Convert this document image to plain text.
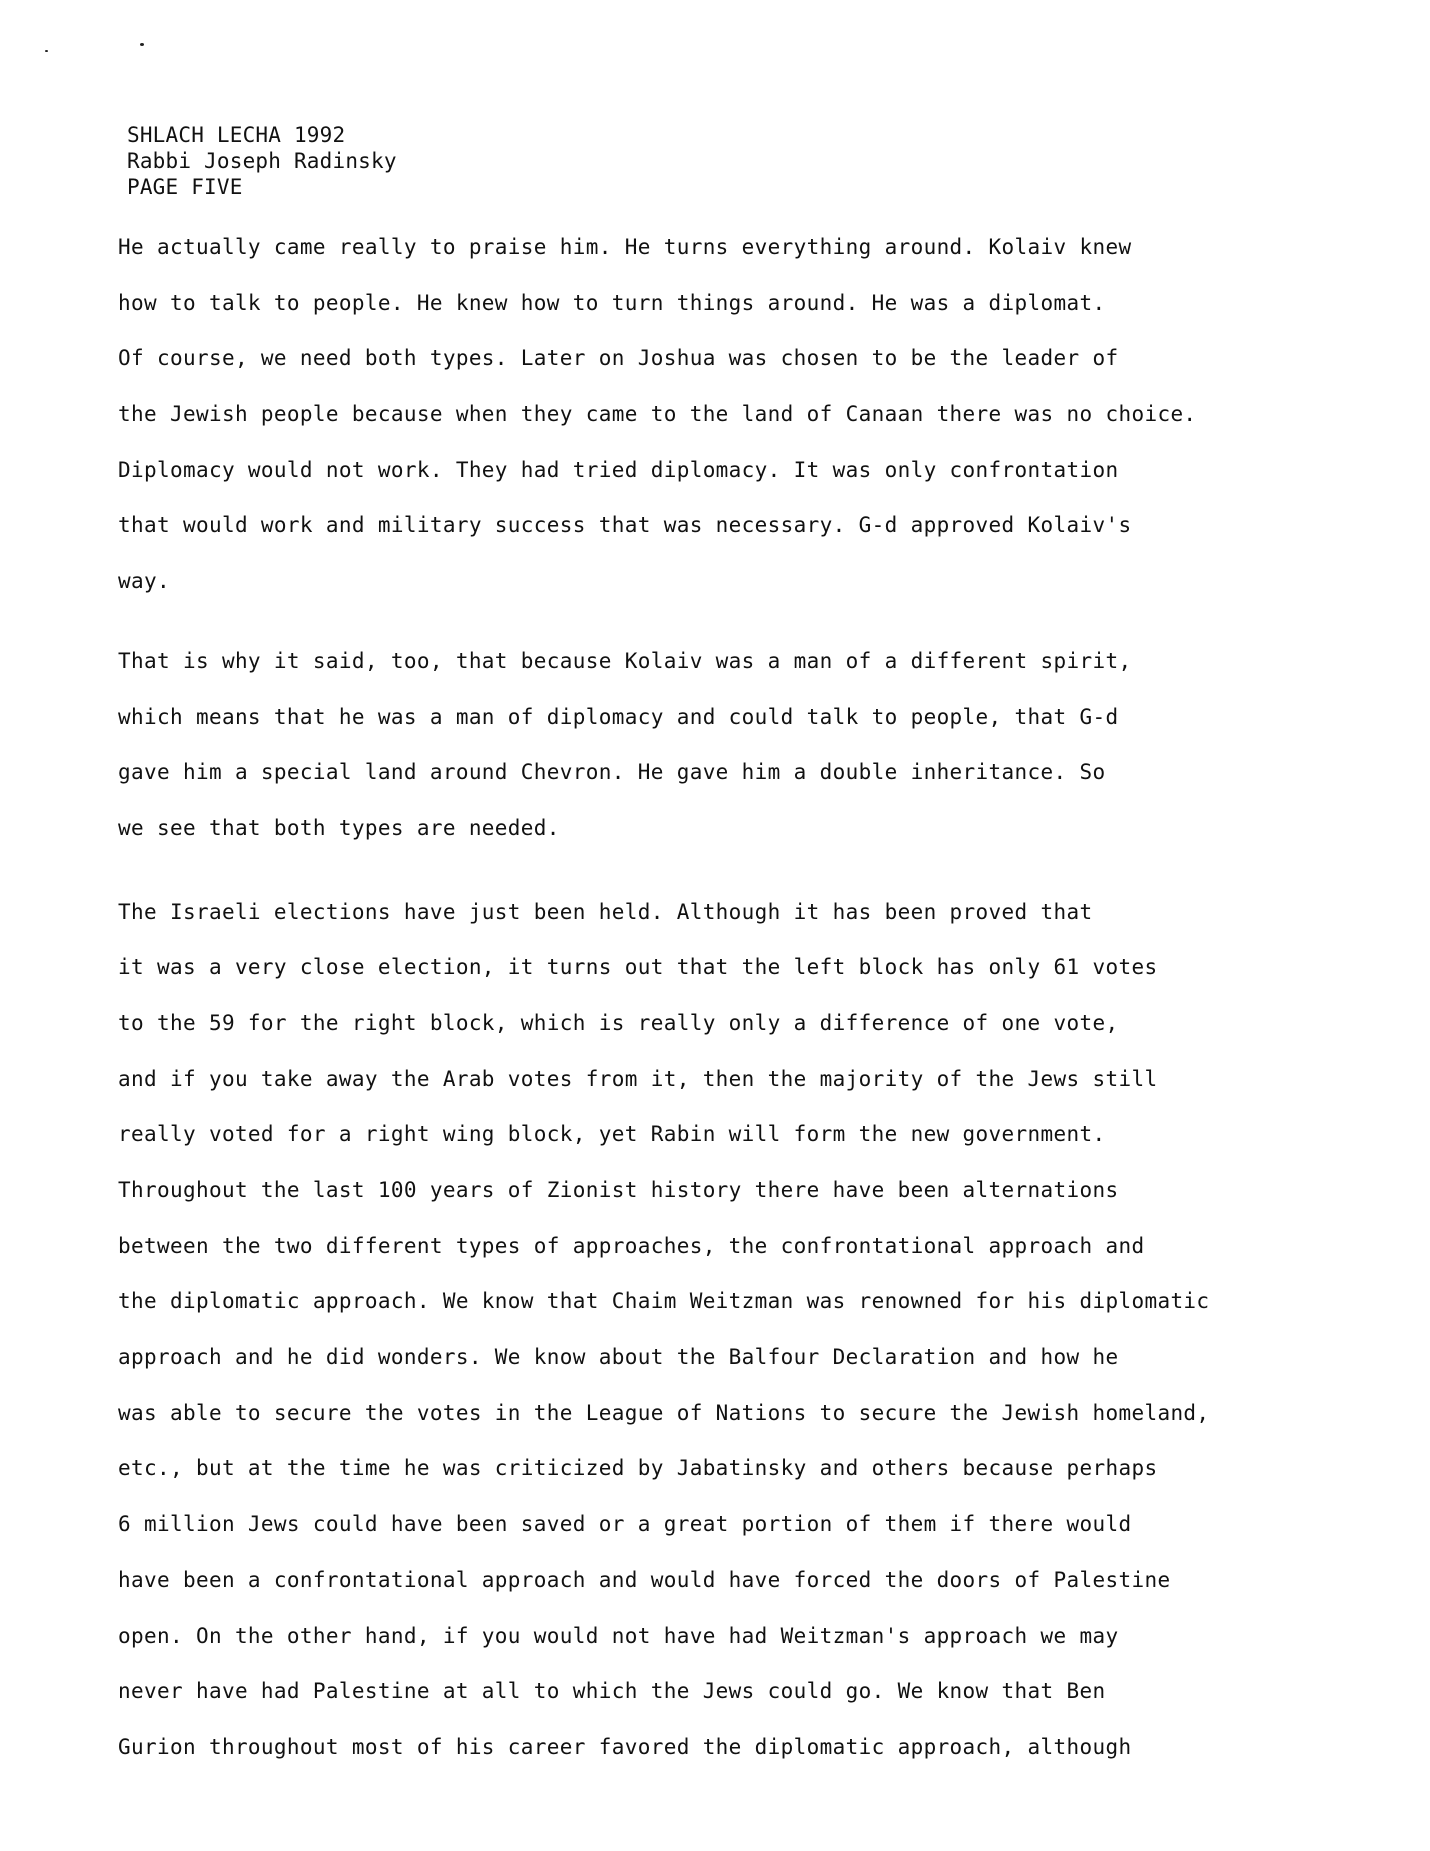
SHLACH LECHA 1992
Rabbi Joseph Radinsky
PAGE FIVE
He actually came really to praise him. He turns everything around. Kolaiv knew
how to talk to people. He knew how to turn things around. He was a diplomat.
Of course, we need both types. Later on Joshua was chosen to be the leader of
the Jewish people because when they came to the land of Canaan there was no choice.
Diplomacy would not work. They had tried diplomacy. It was only confrontation
that would work and military success that was necessary. G-d approved Kolaiv's
way.
That is why it said, too, that because Kolaiv was a man of a different spirit,
which means that he was a man of diplomacy and could talk to people, that G-d
gave him a special land around Chevron. He gave him a double inheritance. So
we see that both types are needed.
The Israeli elections have just been held. Although it has been proved that
it was a very close election, it turns out that the left block has only 61 votes
to the 59 for the right block, which is really only a difference of one vote,
and if you take away the Arab votes from it, then the majority of the Jews still
really voted for a right wing block, yet Rabin will form the new government.
Throughout the last 100 years of Zionist history there have been alternations
between the two different types of approaches, the confrontational approach and
the diplomatic approach. We know that Chaim Weitzman was renowned for his diplomatic
approach and he did wonders. We know about the Balfour Declaration and how he
was able to secure the votes in the League of Nations to secure the Jewish homeland,
etc., but at the time he was criticized by Jabatinsky and others because perhaps
6 million Jews could have been saved or a great portion of them if there would
have been a confrontational approach and would have forced the doors of Palestine
open. On the other hand, if you would not have had Weitzman's approach we may
never have had Palestine at all to which the Jews could go. We know that Ben
Gurion throughout most of his career favored the diplomatic approach, although
